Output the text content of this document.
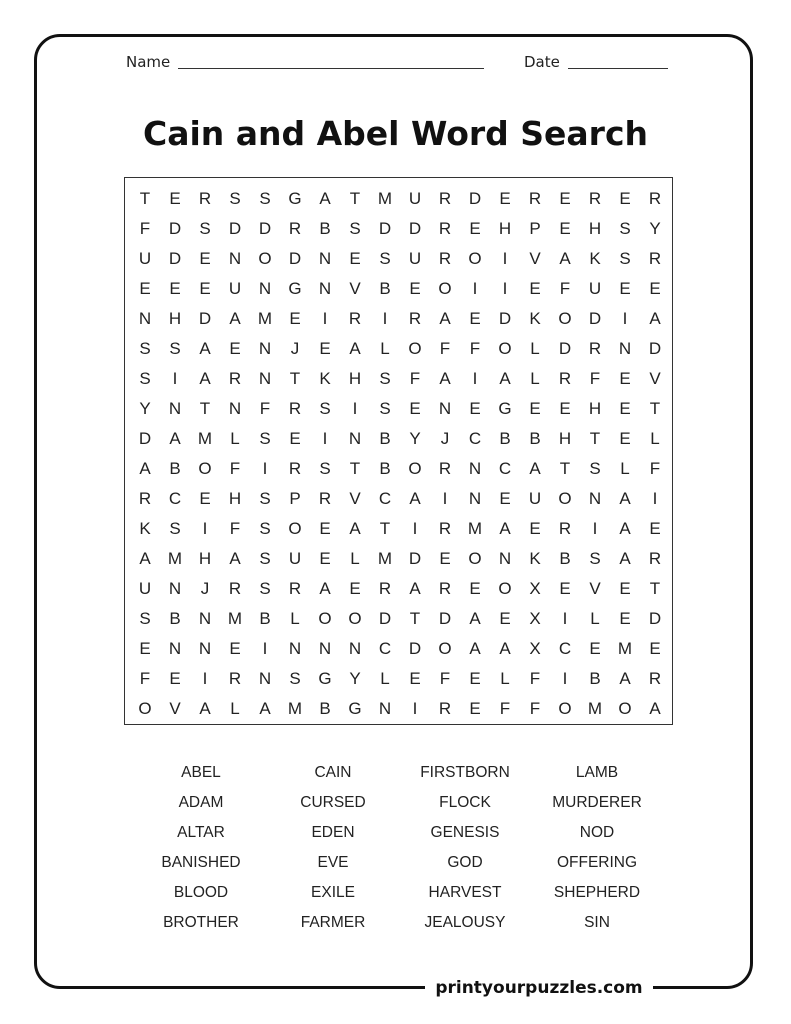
printyourpuzzles.com
Name	Date
Cain and Abel Word Search
T	E	R	S	S	G	A	T	M U	R	D	E	R	E	R	E	R
F	D	S	D	D	R	B	S	D	D	R	E	H	P	E	H	S	Y
U	D	E	N	O	D	N	E	S	U	R	O	I	V	A	K	S	R
E	E	E	U	N	G	N	V	B	E	O	I	I	E	F	U	E	E
N	H	D	A	M	E	I	R	I	R	A	E	D	K	O	D	I	A
S	S	A	E	N	J	E	A	L	O	F	F	O	L	D	R	N	D
S	I	A	R	N	T	K	H	S	F	A	I	A	L	R	F	E	V
Y	N	T	N	F	R	S	I	S	E	N	E	G	E	E	H	E	T
D	A	M	L	S	E	I	N	B	Y	J	C	B	B	H	T	E	L
A	B	O	F	I	R	S	T	B	O	R	N	C	A	T	S	L	F
R	C	E	H	S	P	R	V	C	A	I	N	E	U	O	N	A	I
K	S	I	F	S	O	E	A	T	I	R M	A	E	R	I	A	E
A	M H	A	S	U	E	L	M D	E	O	N	K	B	S	A	R
U	N	J	R	S	R	A	E	R	A	R	E	O	X	E	V	E	T
S	B	N M	B	L	O O	D	T	D	A	E	X	I	L	E	D
E	N	N	E	I	N	N	N	C	D	O	A	A	X	C	E	M	E
F	E	I	R	N	S	G	Y	L	E	F	E	L	F	I	B	A	R
O	V	A	L	A	M	B	G	N	I	R	E	F	F	O M O	A
ABEL	CAIN	FIRSTBORN	LAMB
ADAM	CURSED	FLOCK	MURDERER
ALTAR	EDEN	GENESIS	NOD
BANISHED	EVE	GOD	OFFERING
BLOOD	EXILE	HARVEST	SHEPHERD
BROTHER	FARMER	JEALOUSY	SIN
